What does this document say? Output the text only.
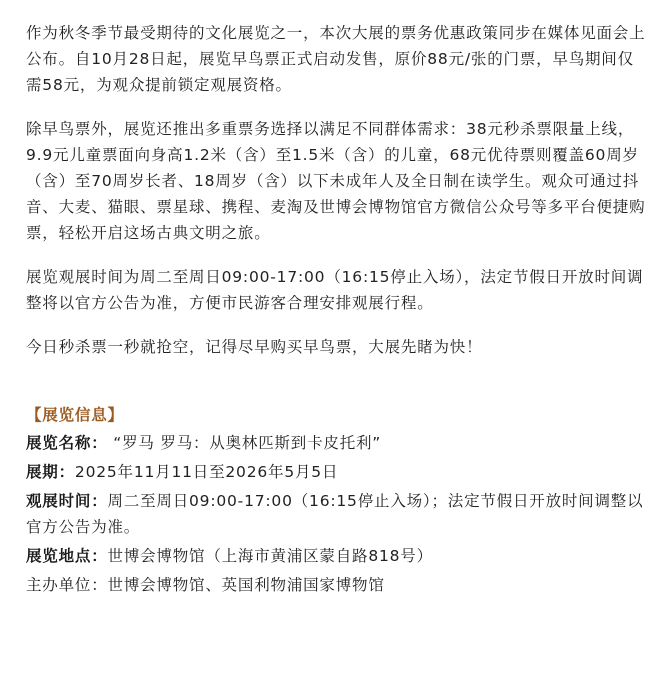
作为秋冬季节最受期待的文化展览之一，本次大展的票务优惠政策同步在媒体见面会上公布。自10月28日起，展览早鸟票正式启动发售，原价88元/张的门票，早鸟期间仅需58元，为观众提前锁定观展资格。

除早鸟票外，展览还推出多重票务选择以满足不同群体需求：38元秒杀票限量上线，9.9元儿童票面向身高1.2米（含）至1.5米（含）的儿童，68元优待票则覆盖60周岁（含）至70周岁长者、18周岁（含）以下未成年人及全日制在读学生。观众可通过抖音、大麦、猫眼、票星球、携程、麦淘及世博会博物馆官方微信公众号等多平台便捷购票，轻松开启这场古典文明之旅。

展览观展时间为周二至周日09:00-17:00（16:15停止入场），法定节假日开放时间调整将以官方公告为准，方便市民游客合理安排观展行程。

今日秒杀票一秒就抢空，记得尽早购买早鸟票，大展先睹为快！

【展览信息】
展览名称： “罗马 罗马：从奥林匹斯到卡皮托利”
展期：2025年11月11日至2026年5月5日
观展时间：周二至周日09:00-17:00（16:15停止入场）；法定节假日开放时间调整以官方公告为准。
展览地点：世博会博物馆（上海市黄浦区蒙自路818号）
主办单位：世博会博物馆、英国利物浦国家博物馆
